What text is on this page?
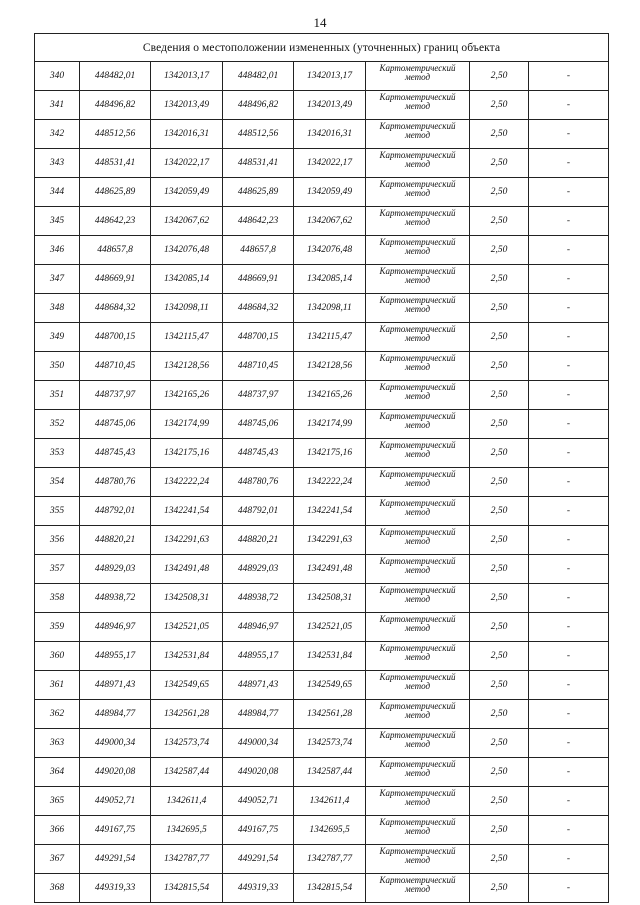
14
Сведения о местоположении измененных (уточненных) границ объекта							
340	448482,01	1342013,17	448482,01	1342013,17	Картометрический метод	2,50	-
341	448496,82	1342013,49	448496,82	1342013,49	Картометрический метод	2,50	-
342	448512,56	1342016,31	448512,56	1342016,31	Картометрический метод	2,50	-
343	448531,41	1342022,17	448531,41	1342022,17	Картометрический метод	2,50	-
344	448625,89	1342059,49	448625,89	1342059,49	Картометрический метод	2,50	-
345	448642,23	1342067,62	448642,23	1342067,62	Картометрический метод	2,50	-
346	448657,8	1342076,48	448657,8	1342076,48	Картометрический метод	2,50	-
347	448669,91	1342085,14	448669,91	1342085,14	Картометрический метод	2,50	-
348	448684,32	1342098,11	448684,32	1342098,11	Картометрический метод	2,50	-
349	448700,15	1342115,47	448700,15	1342115,47	Картометрический метод	2,50	-
350	448710,45	1342128,56	448710,45	1342128,56	Картометрический метод	2,50	-
351	448737,97	1342165,26	448737,97	1342165,26	Картометрический метод	2,50	-
352	448745,06	1342174,99	448745,06	1342174,99	Картометрический метод	2,50	-
353	448745,43	1342175,16	448745,43	1342175,16	Картометрический метод	2,50	-
354	448780,76	1342222,24	448780,76	1342222,24	Картометрический метод	2,50	-
355	448792,01	1342241,54	448792,01	1342241,54	Картометрический метод	2,50	-
356	448820,21	1342291,63	448820,21	1342291,63	Картометрический метод	2,50	-
357	448929,03	1342491,48	448929,03	1342491,48	Картометрический метод	2,50	-
358	448938,72	1342508,31	448938,72	1342508,31	Картометрический метод	2,50	-
359	448946,97	1342521,05	448946,97	1342521,05	Картометрический метод	2,50	-
360	448955,17	1342531,84	448955,17	1342531,84	Картометрический метод	2,50	-
361	448971,43	1342549,65	448971,43	1342549,65	Картометрический метод	2,50	-
362	448984,77	1342561,28	448984,77	1342561,28	Картометрический метод	2,50	-
363	449000,34	1342573,74	449000,34	1342573,74	Картометрический метод	2,50	-
364	449020,08	1342587,44	449020,08	1342587,44	Картометрический метод	2,50	-
365	449052,71	1342611,4	449052,71	1342611,4	Картометрический метод	2,50	-
366	449167,75	1342695,5	449167,75	1342695,5	Картометрический метод	2,50	-
367	449291,54	1342787,77	449291,54	1342787,77	Картометрический метод	2,50	-
368	449319,33	1342815,54	449319,33	1342815,54	Картометрический метод	2,50	-
